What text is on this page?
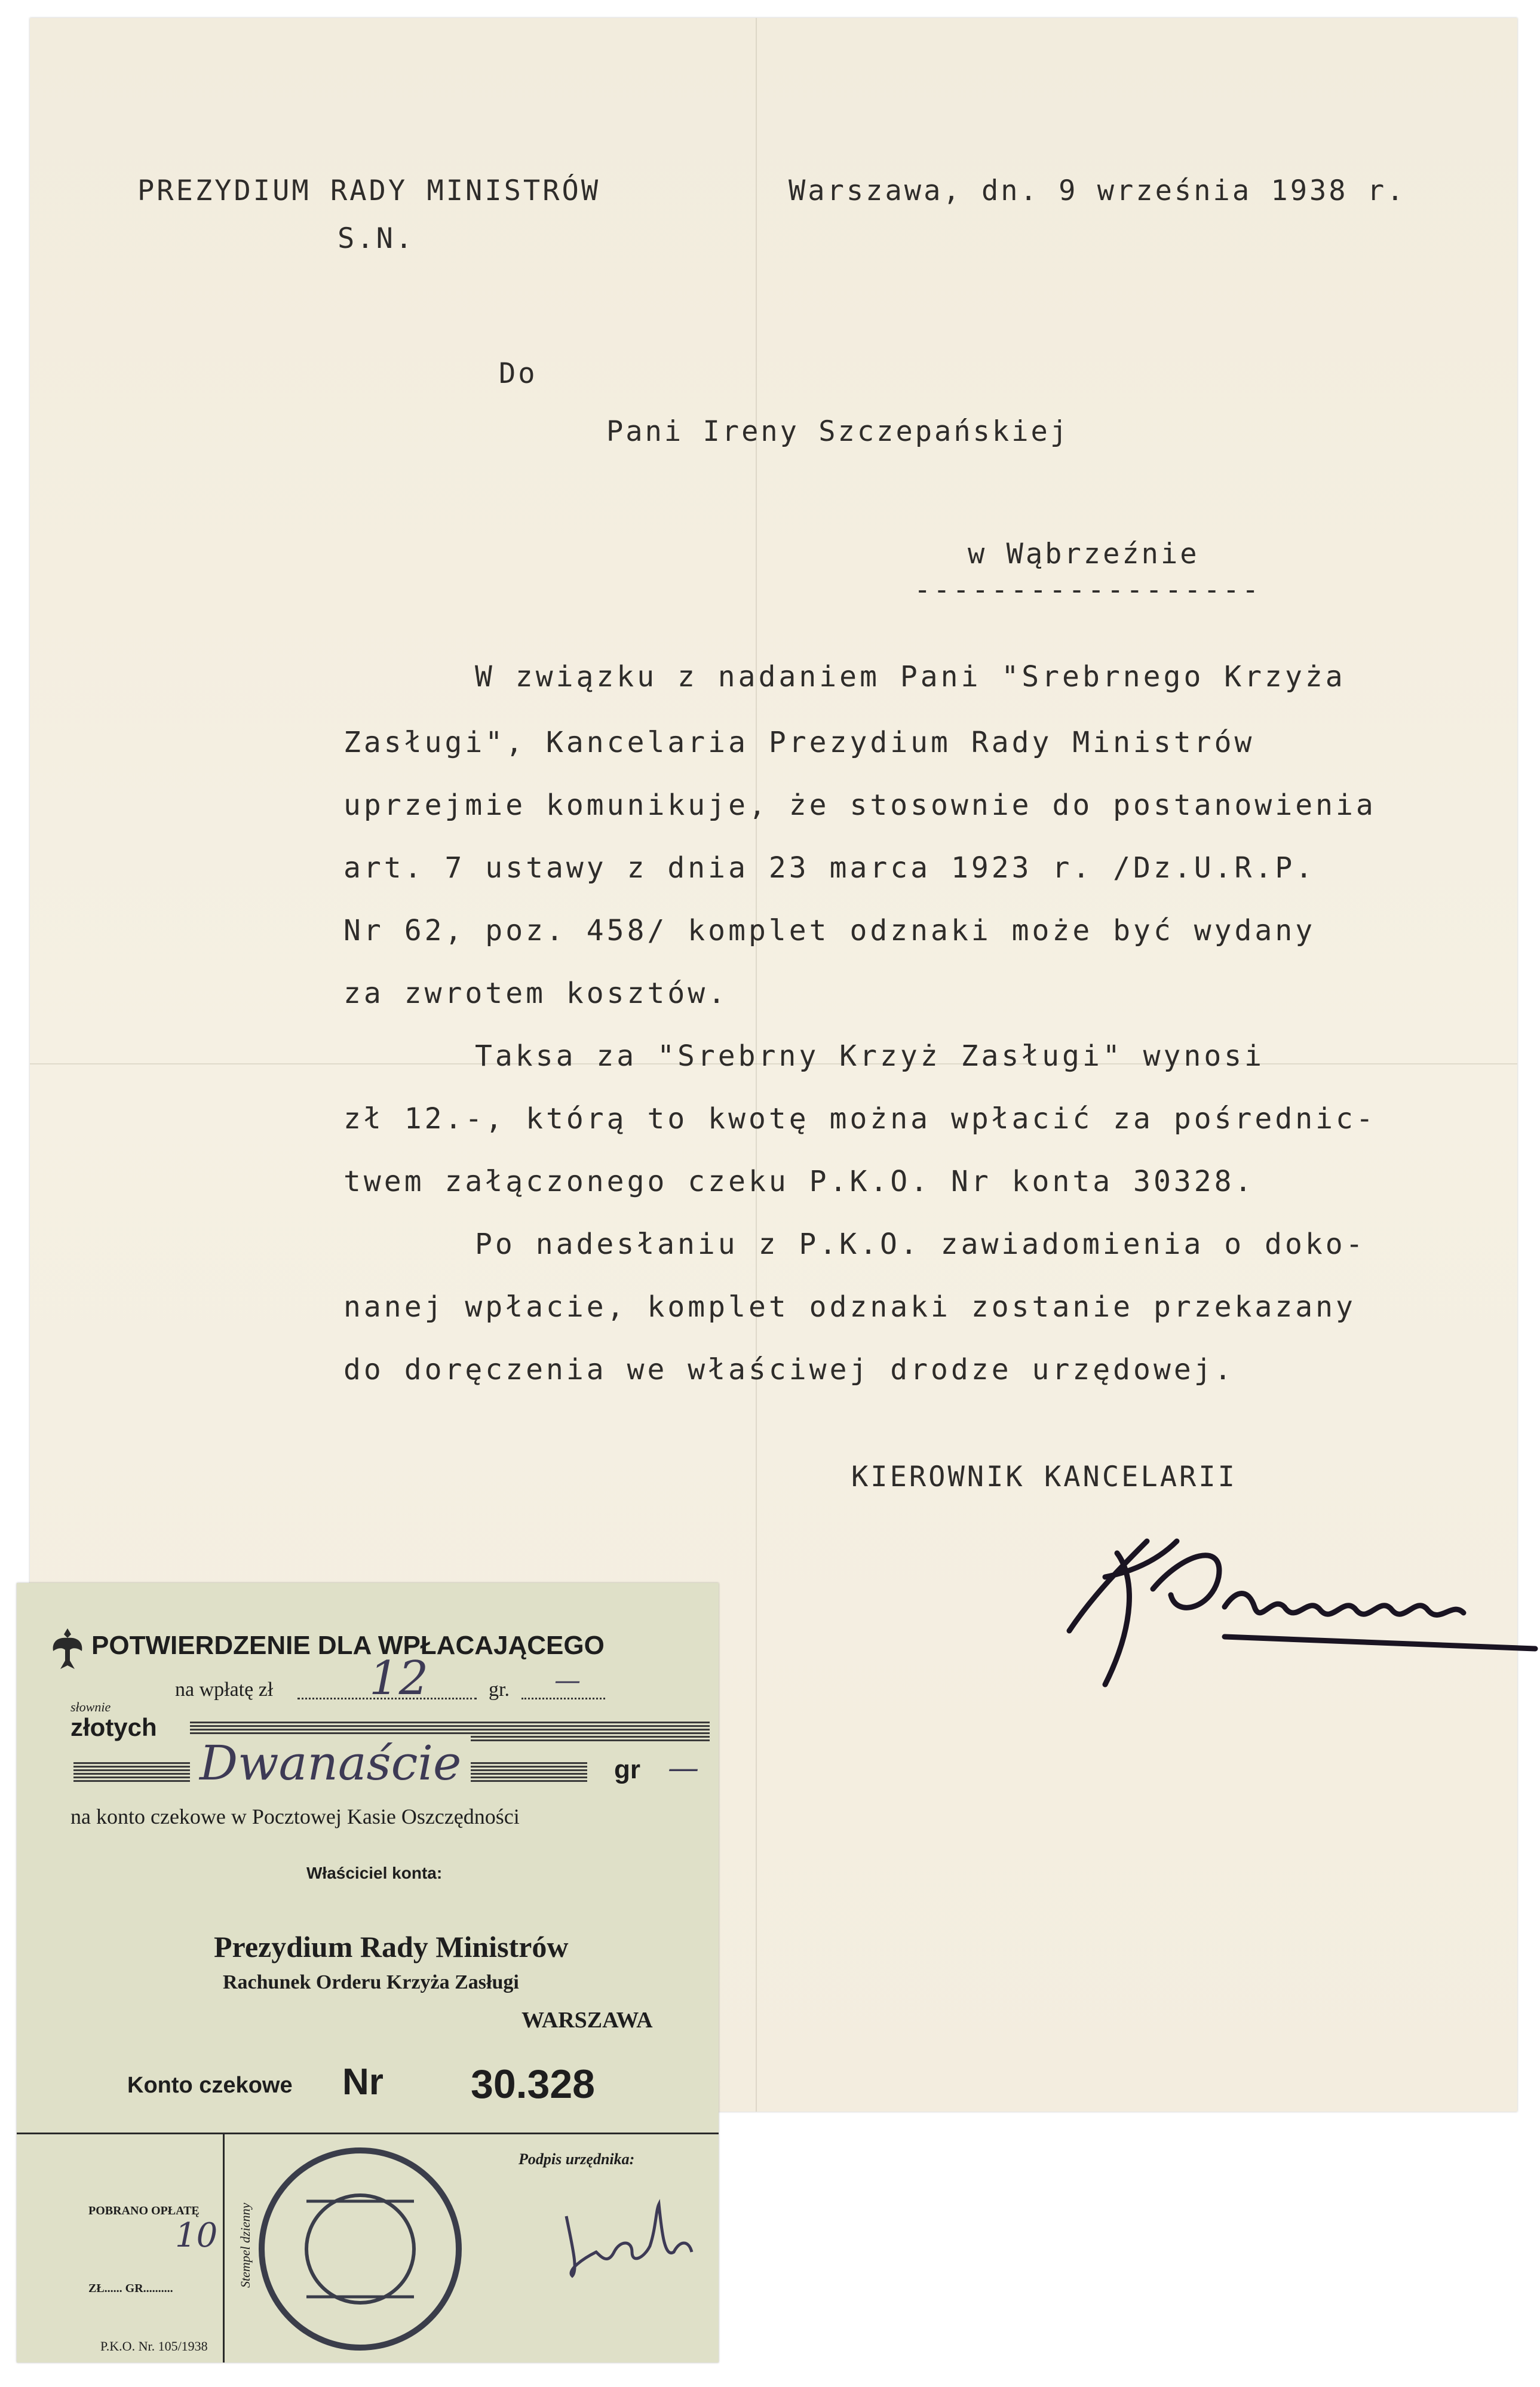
PREZYDIUM RADY MINISTRÓW
S.N.
Warszawa, dn. 9 września 1938 r.
Do
Pani Ireny Szczepańskiej
w Wąbrzeźnie
------------------
W związku z nadaniem Pani "Srebrnego Krzyża
Zasługi", Kancelaria Prezydium Rady Ministrów
uprzejmie komunikuje, że stosownie do postanowienia
art. 7 ustawy z dnia 23 marca 1923 r. /Dz.U.R.P.
Nr 62, poz. 458/ komplet odznaki może być wydany
za zwrotem kosztów.
Taksa za "Srebrny Krzyż Zasługi" wynosi
zł 12.-, którą to kwotę można wpłacić za pośrednic-
twem załączonego czeku P.K.O. Nr konta 30328.
Po nadesłaniu z P.K.O. zawiadomienia o doko-
nanej wpłacie, komplet odznaki zostanie przekazany
do doręczenia we właściwej drodze urzędowej.
KIEROWNIK KANCELARII
POTWIERDZENIE DLA WPŁACAJĄCEGO
słownie
na wpłatę zł 12	gr. —
złotych
Dwanaście	gr —
na konto czekowe w Pocztowej Kasie Oszczędności
Właściciel konta:
Prezydium Rady Ministrów
Rachunek Orderu Krzyża Zasługi
WARSZAWA
Konto czekowe Nr 30.328
POBRANO OPŁATĘ
10
ZŁ...... GR..........
Stempel dzienny
Podpis urzędnika:
P.K.O. Nr. 105/1938
